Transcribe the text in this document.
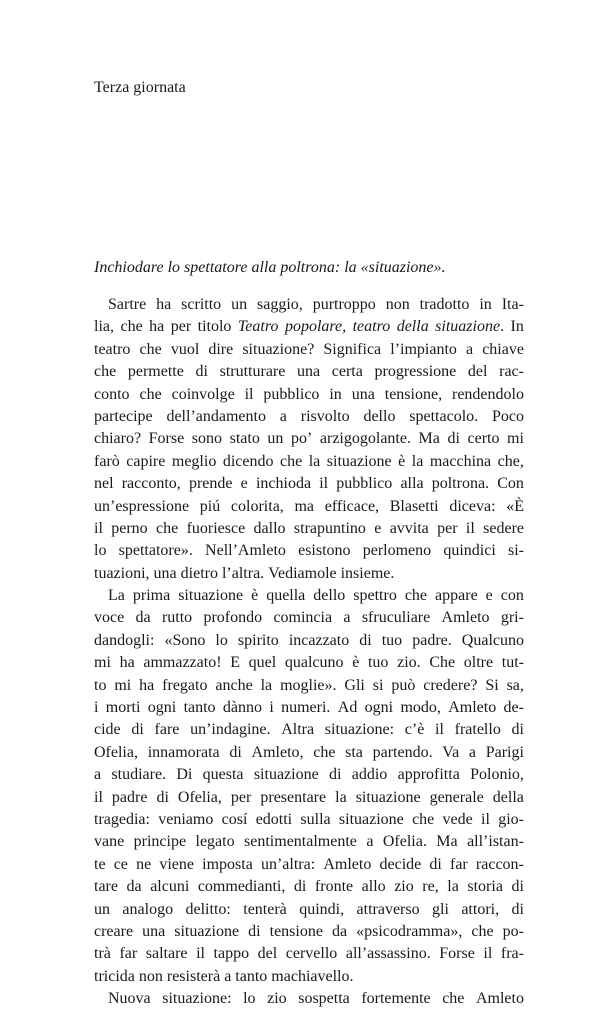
Terza giornata
Inchiodare lo spettatore alla poltrona: la «situazione».
Sartre ha scritto un saggio, purtroppo non tradotto in Ita-
lia, che ha per titolo Teatro popolare, teatro della situazione. In
teatro che vuol dire situazione? Significa l’impianto a chiave
che permette di strutturare una certa progressione del rac-
conto che coinvolge il pubblico in una tensione, rendendolo
partecipe dell’andamento a risvolto dello spettacolo. Poco
chiaro? Forse sono stato un po’ arzigogolante. Ma di certo mi
farò capire meglio dicendo che la situazione è la macchina che,
nel racconto, prende e inchioda il pubblico alla poltrona. Con
un’espressione piú colorita, ma efficace, Blasetti diceva: «È
il perno che fuoriesce dallo strapuntino e avvita per il sedere
lo spettatore». Nell’Amleto esistono perlomeno quindici si-
tuazioni, una dietro l’altra. Vediamole insieme.
La prima situazione è quella dello spettro che appare e con
voce da rutto profondo comincia a sfruculiare Amleto gri-
dandogli: «Sono lo spirito incazzato di tuo padre. Qualcuno
mi ha ammazzato! E quel qualcuno è tuo zio. Che oltre tut-
to mi ha fregato anche la moglie». Gli si può credere? Si sa,
i morti ogni tanto dànno i numeri. Ad ogni modo, Amleto de-
cide di fare un’indagine. Altra situazione: c’è il fratello di
Ofelia, innamorata di Amleto, che sta partendo. Va a Parigi
a studiare. Di questa situazione di addio approfitta Polonio,
il padre di Ofelia, per presentare la situazione generale della
tragedia: veniamo cosí edotti sulla situazione che vede il gio-
vane principe legato sentimentalmente a Ofelia. Ma all’istan-
te ce ne viene imposta un’altra: Amleto decide di far raccon-
tare da alcuni commedianti, di fronte allo zio re, la storia di
un analogo delitto: tenterà quindi, attraverso gli attori, di
creare una situazione di tensione da «psicodramma», che po-
trà far saltare il tappo del cervello all’assassino. Forse il fra-
tricida non resisterà a tanto machiavello.
Nuova situazione: lo zio sospetta fortemente che Amleto
